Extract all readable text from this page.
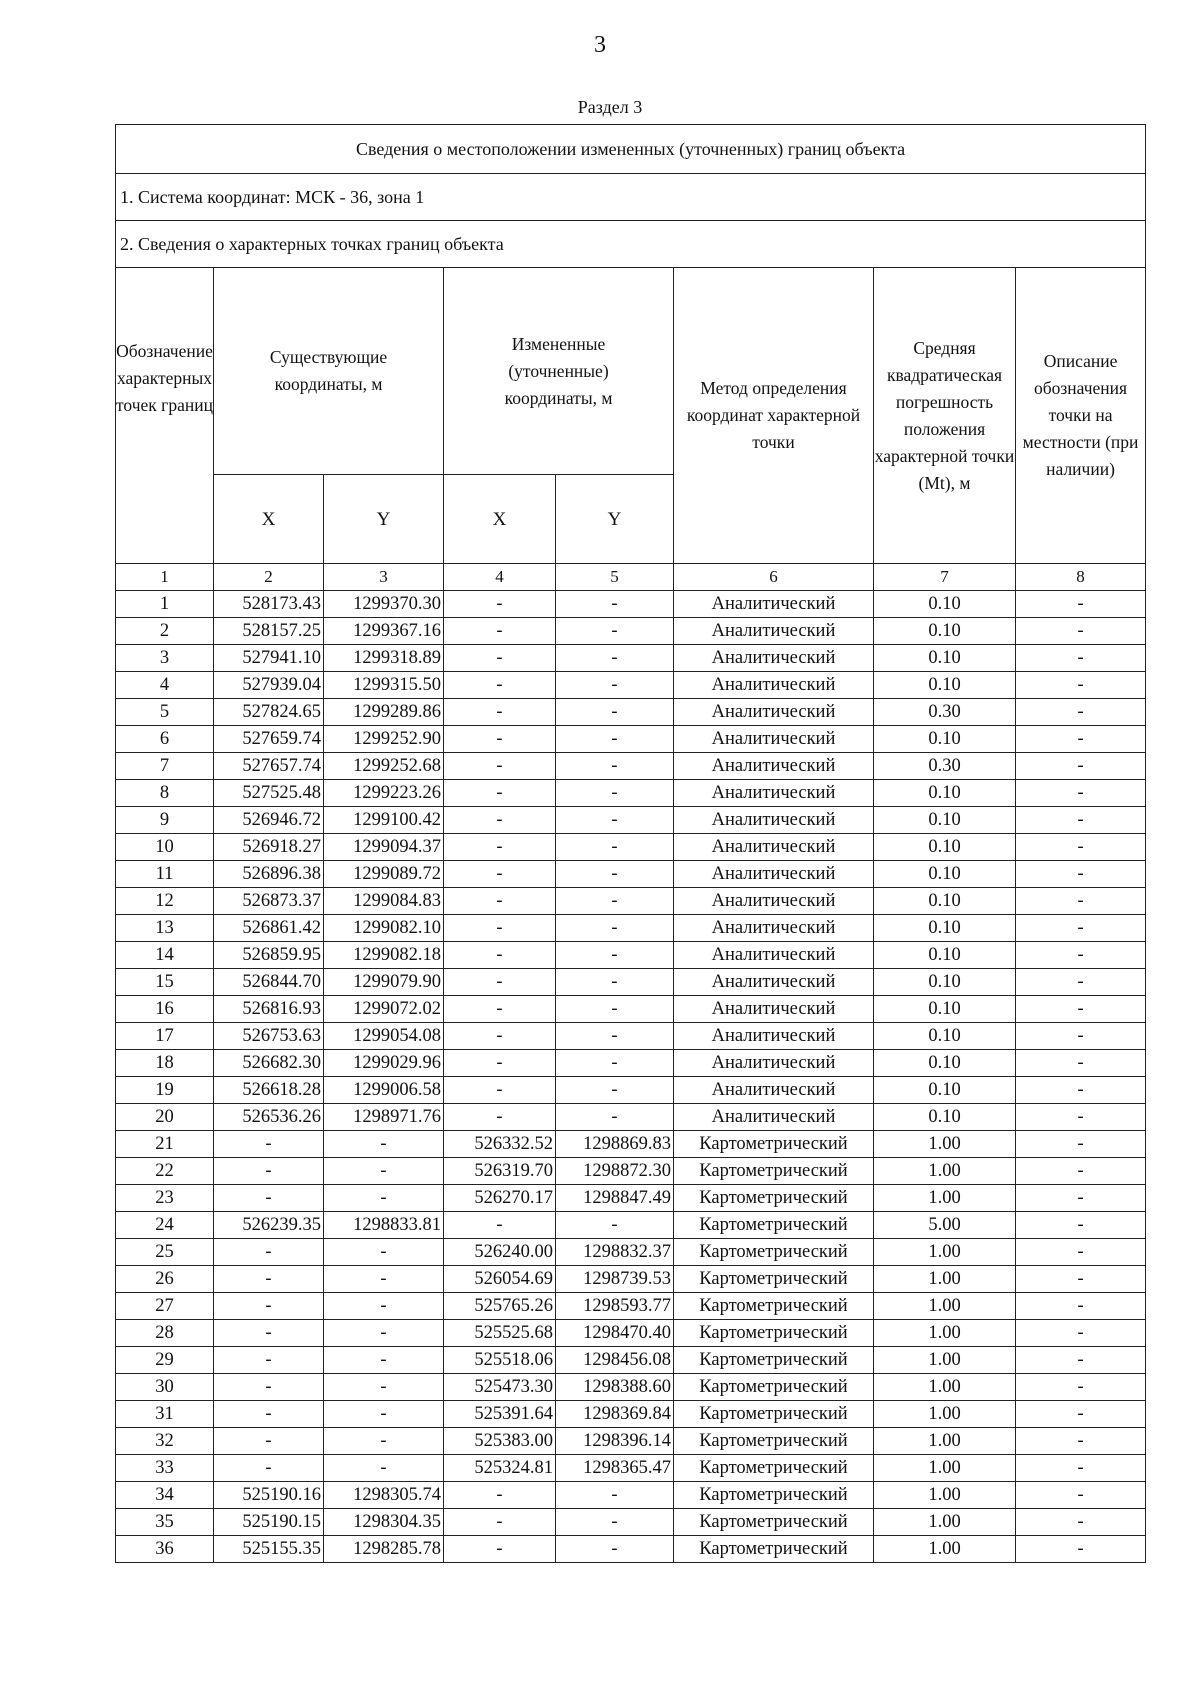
3
Раздел 3
Сведения о местоположении измененных (уточненных) границ объекта							
1. Система координат: МСК - 36, зона 1							
2. Сведения о характерных точках границ объекта							
Обозначение характерных точек границ	Существующие координаты, м		Измененные (уточненные) координаты, м		Метод определения координат характерной точки	Средняя квадратическая погрешность положения характерной точки (Mt), м	Описание обозначения точки на местности (при наличии)
	X	Y	X	Y			
1	2	3	4	5	6	7	8
1	528173.43	1299370.30	-	-	Аналитический	0.10	-
2	528157.25	1299367.16	-	-	Аналитический	0.10	-
3	527941.10	1299318.89	-	-	Аналитический	0.10	-
4	527939.04	1299315.50	-	-	Аналитический	0.10	-
5	527824.65	1299289.86	-	-	Аналитический	0.30	-
6	527659.74	1299252.90	-	-	Аналитический	0.10	-
7	527657.74	1299252.68	-	-	Аналитический	0.30	-
8	527525.48	1299223.26	-	-	Аналитический	0.10	-
9	526946.72	1299100.42	-	-	Аналитический	0.10	-
10	526918.27	1299094.37	-	-	Аналитический	0.10	-
11	526896.38	1299089.72	-	-	Аналитический	0.10	-
12	526873.37	1299084.83	-	-	Аналитический	0.10	-
13	526861.42	1299082.10	-	-	Аналитический	0.10	-
14	526859.95	1299082.18	-	-	Аналитический	0.10	-
15	526844.70	1299079.90	-	-	Аналитический	0.10	-
16	526816.93	1299072.02	-	-	Аналитический	0.10	-
17	526753.63	1299054.08	-	-	Аналитический	0.10	-
18	526682.30	1299029.96	-	-	Аналитический	0.10	-
19	526618.28	1299006.58	-	-	Аналитический	0.10	-
20	526536.26	1298971.76	-	-	Аналитический	0.10	-
21	-	-	526332.52	1298869.83	Картометрический	1.00	-
22	-	-	526319.70	1298872.30	Картометрический	1.00	-
23	-	-	526270.17	1298847.49	Картометрический	1.00	-
24	526239.35	1298833.81	-	-	Картометрический	5.00	-
25	-	-	526240.00	1298832.37	Картометрический	1.00	-
26	-	-	526054.69	1298739.53	Картометрический	1.00	-
27	-	-	525765.26	1298593.77	Картометрический	1.00	-
28	-	-	525525.68	1298470.40	Картометрический	1.00	-
29	-	-	525518.06	1298456.08	Картометрический	1.00	-
30	-	-	525473.30	1298388.60	Картометрический	1.00	-
31	-	-	525391.64	1298369.84	Картометрический	1.00	-
32	-	-	525383.00	1298396.14	Картометрический	1.00	-
33	-	-	525324.81	1298365.47	Картометрический	1.00	-
34	525190.16	1298305.74	-	-	Картометрический	1.00	-
35	525190.15	1298304.35	-	-	Картометрический	1.00	-
36	525155.35	1298285.78	-	-	Картометрический	1.00	-
